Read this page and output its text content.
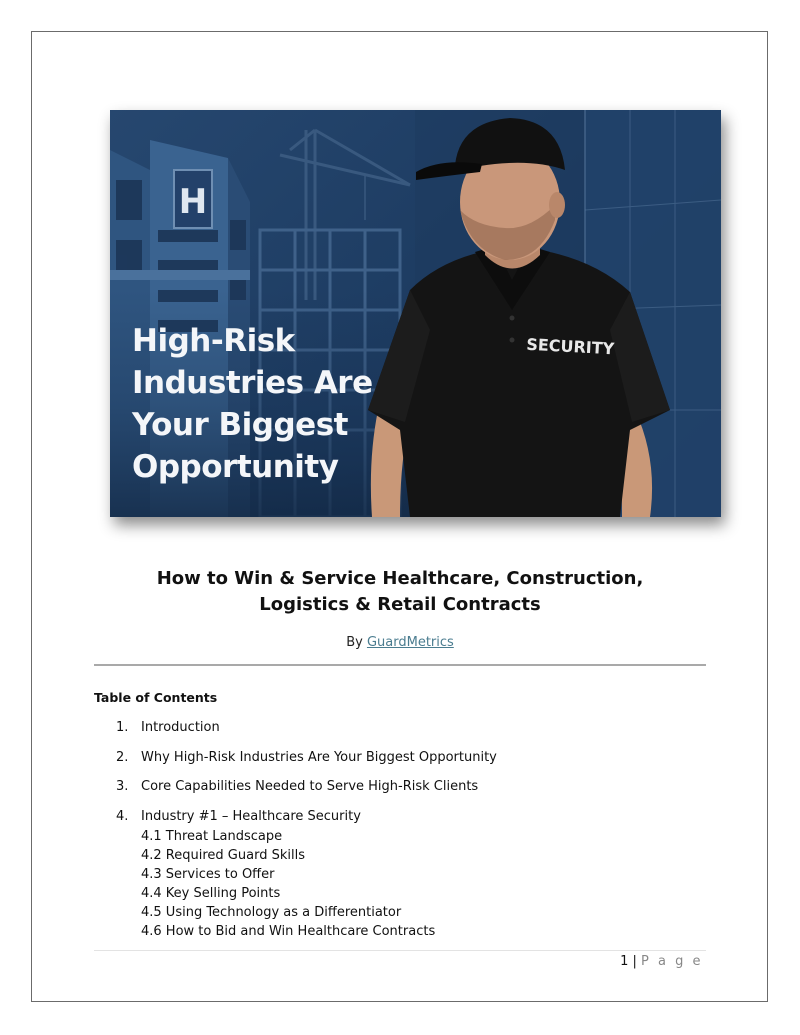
H
SECURITY
High-Risk
Industries Are
Your Biggest
Opportunity
How to Win & Service Healthcare, Construction,
Logistics & Retail Contracts
By GuardMetrics
Table of Contents
1. Introduction
2. Why High-Risk Industries Are Your Biggest Opportunity
3. Core Capabilities Needed to Serve High-Risk Clients
4. Industry #1 – Healthcare Security
4.1 Threat Landscape
4.2 Required Guard Skills
4.3 Services to Offer
4.4 Key Selling Points
4.5 Using Technology as a Differentiator
4.6 How to Bid and Win Healthcare Contracts
1 | P a g e
